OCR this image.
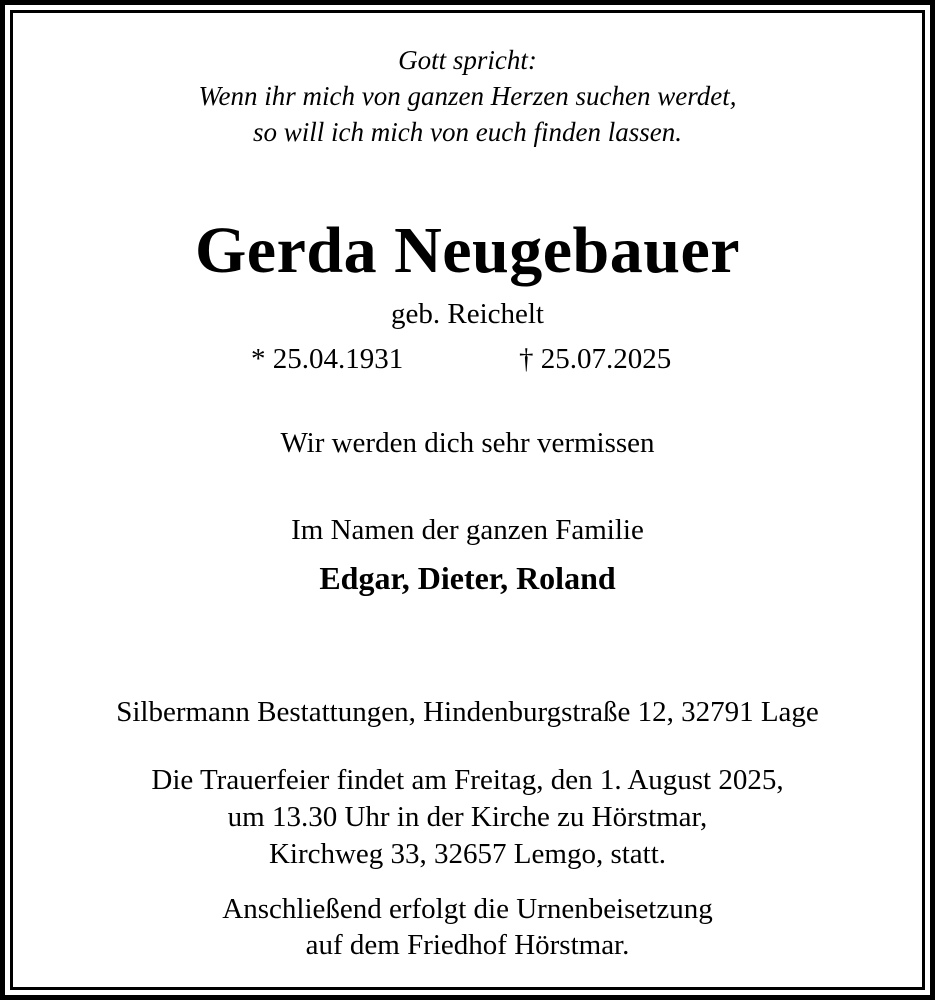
Gott spricht:
Wenn ihr mich von ganzen Herzen suchen werdet,
so will ich mich von euch finden lassen.
Gerda Neugebauer
geb. Reichelt
* 25.04.1931	† 25.07.2025
Wir werden dich sehr vermissen
Im Namen der ganzen Familie
Edgar, Dieter, Roland
Silbermann Bestattungen, Hindenburgstraße 12, 32791 Lage
Die Trauerfeier findet am Freitag, den 1. August 2025,
um 13.30 Uhr in der Kirche zu Hörstmar,
Kirchweg 33, 32657 Lemgo, statt.
Anschließend erfolgt die Urnenbeisetzung
auf dem Friedhof Hörstmar.
